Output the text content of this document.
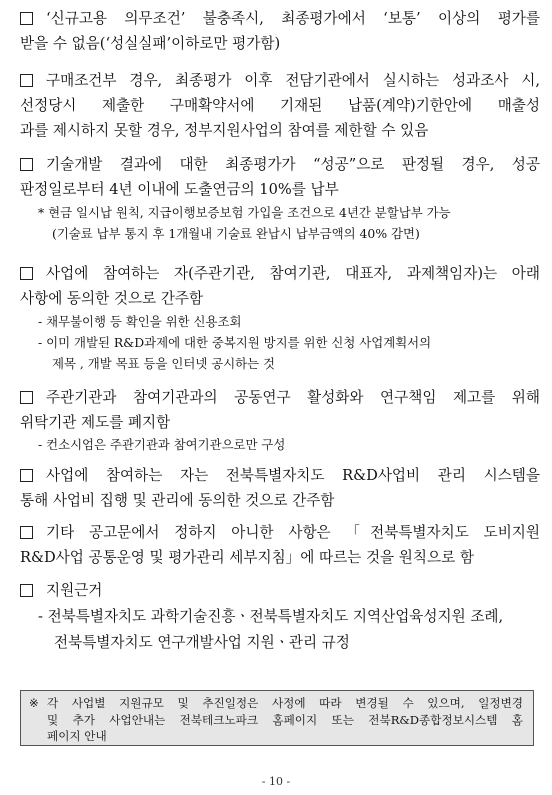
‘신규고용 의무조건’ 불충족시, 최종평가에서 ‘보통’ 이상의 평가를
받을 수 없음(‘성실실패’이하로만 평가함)
구매조건부 경우, 최종평가 이후 전담기관에서 실시하는 성과조사 시,
선정당시 제출한 구매확약서에 기재된 납품(계약)기한안에 매출성
과를 제시하지 못할 경우, 정부지원사업의 참여를 제한할 수 있음
기술개발 결과에 대한 최종평가가 “성공”으로 판정될 경우, 성공
판정일로부터 4년 이내에 도출연금의 10%를 납부
* 현금 일시납 원칙, 지급이행보증보험 가입을 조건으로 4년간 분할납부 가능
(기술료 납부 통지 후 1개월내 기술료 완납시 납부금액의 40% 감면)
사업에 참여하는 자(주관기관, 참여기관, 대표자, 과제책임자)는 아래
사항에 동의한 것으로 간주함
- 채무불이행 등 확인을 위한 신용조회
- 이미 개발된 R&D과제에 대한 중복지원 방지를 위한 신청 사업계획서의
제목 , 개발 목표 등을 인터넷 공시하는 것
주관기관과 참여기관과의 공동연구 활성화와 연구책임 제고를 위해
위탁기관 제도를 폐지함
- 컨소시엄은 주관기관과 참여기관으로만 구성
사업에 참여하는 자는 전북특별자치도 R&D사업비 관리 시스템을
통해 사업비 집행 및 관리에 동의한 것으로 간주함
기타 공고문에서 정하지 아니한 사항은 「전북특별자치도 도비지원
R&D사업 공통운영 및 평가관리 세부지침」에 따르는 것을 원칙으로 함
지원근거
- 전북특별자치도 과학기술진흥ㆍ전북특별자치도 지역산업육성지원 조례,
전북특별자치도 연구개발사업 지원ㆍ관리 규정
※ 각 사업별 지원규모 및 추진일정은 사정에 따라 변경될 수 있으며, 일정변경
및 추가 사업안내는 전북테크노파크 홈페이지 또는 전북R&D종합정보시스템 홈
페이지 안내
- 10 -
